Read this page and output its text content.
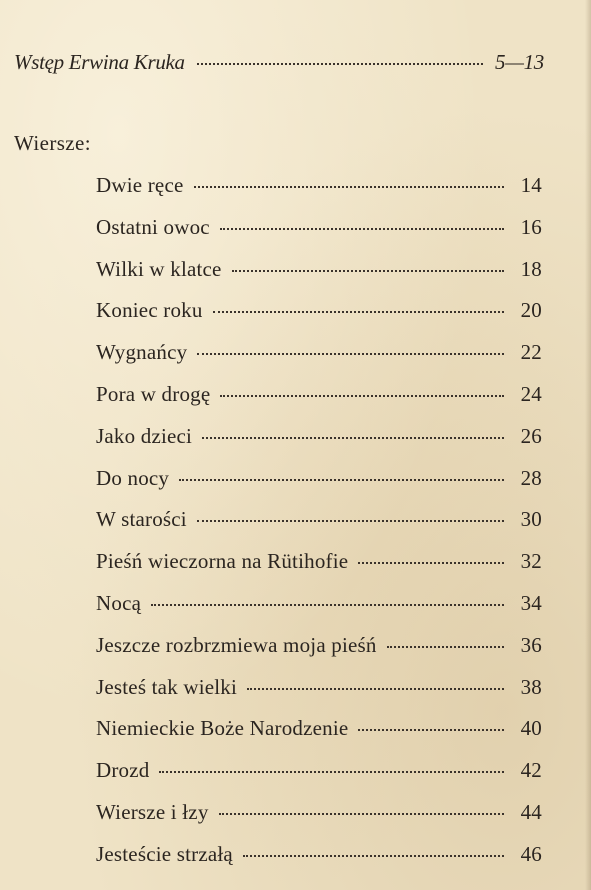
Wstęp Erwina Kruka	5—13
Wiersze:
Dwie ręce	14
Ostatni owoc	16
Wilki w klatce	18
Koniec roku	20
Wygnańcy	22
Pora w drogę	24
Jako dzieci	26
Do nocy	28
W starości	30
Pieśń wieczorna na Rütihofie	32
Nocą	34
Jeszcze rozbrzmiewa moja pieśń	36
Jesteś tak wielki	38
Niemieckie Boże Narodzenie	40
Drozd	42
Wiersze i łzy	44
Jesteście strzałą	46
